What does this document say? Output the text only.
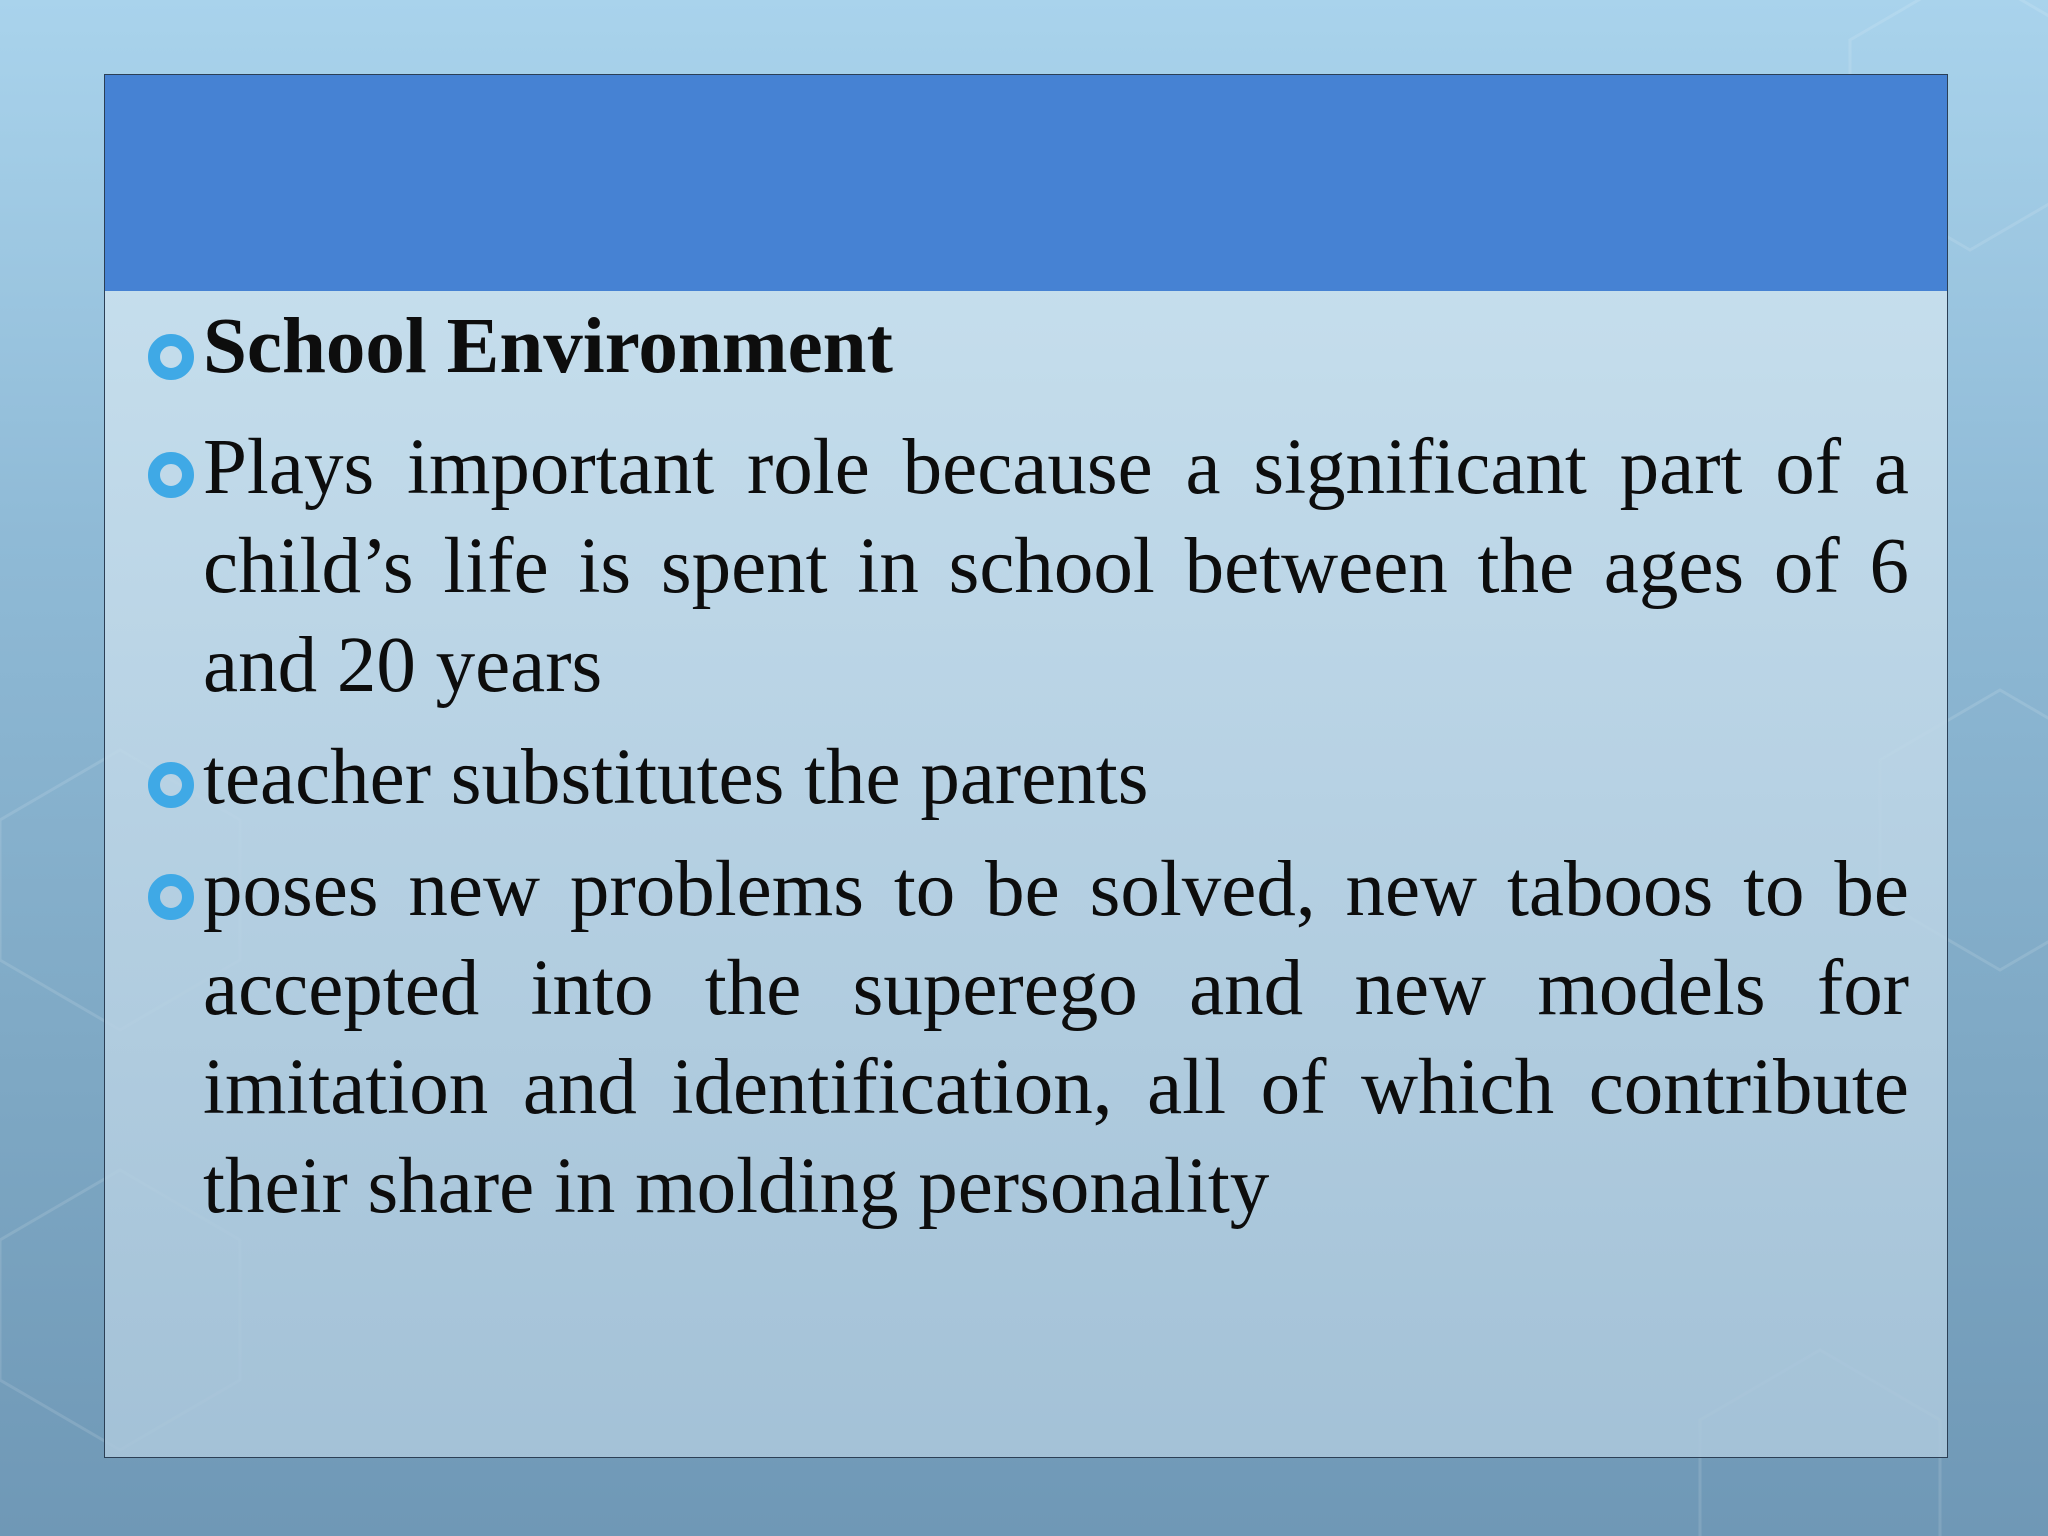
School Environment
Plays important role because a significant part of a child’s life is spent in school between the ages of 6 and 20 years
teacher substitutes the parents
poses new problems to be solved, new taboos to be accepted into the superego and new models for imitation and identification, all of which contribute their share in molding personality
